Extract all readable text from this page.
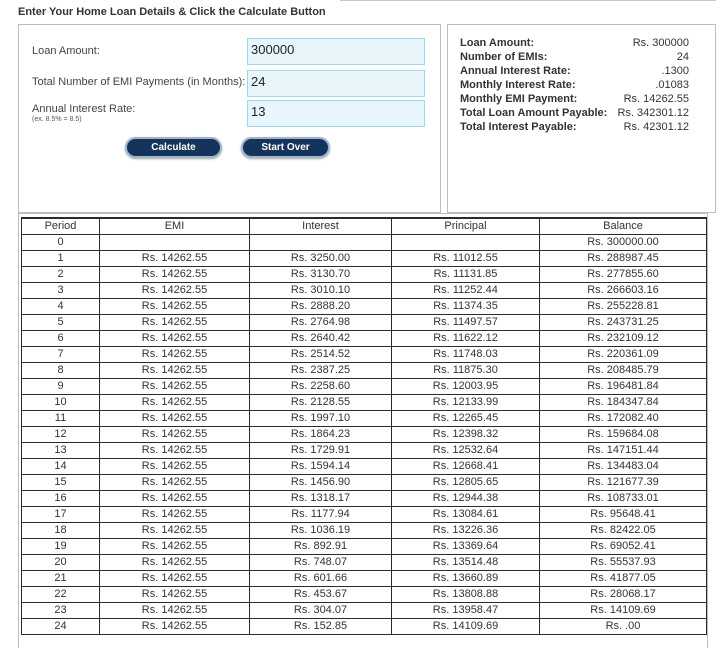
Enter Your Home Loan Details & Click the Calculate Button
Loan Amount:	300000
Total Number of EMI Payments (in Months): 24
Annual Interest Rate:
(ex. 8.5% = 8.5)
13
Calculate	Start Over
Loan Amount:	Rs. 300000
Number of EMIs:	24
Annual Interest Rate:	.1300
Monthly Interest Rate:	.01083
Monthly EMI Payment:	Rs. 14262.55
Total Loan Amount Payable: Rs. 342301.12
Total Interest Payable:	Rs. 42301.12
Period	EMI	Interest	Principal	Balance
0				Rs. 300000.00
1	Rs. 14262.55	Rs. 3250.00	Rs. 11012.55	Rs. 288987.45
2	Rs. 14262.55	Rs. 3130.70	Rs. 11131.85	Rs. 277855.60
3	Rs. 14262.55	Rs. 3010.10	Rs. 11252.44	Rs. 266603.16
4	Rs. 14262.55	Rs. 2888.20	Rs. 11374.35	Rs. 255228.81
5	Rs. 14262.55	Rs. 2764.98	Rs. 11497.57	Rs. 243731.25
6	Rs. 14262.55	Rs. 2640.42	Rs. 11622.12	Rs. 232109.12
7	Rs. 14262.55	Rs. 2514.52	Rs. 11748.03	Rs. 220361.09
8	Rs. 14262.55	Rs. 2387.25	Rs. 11875.30	Rs. 208485.79
9	Rs. 14262.55	Rs. 2258.60	Rs. 12003.95	Rs. 196481.84
10	Rs. 14262.55	Rs. 2128.55	Rs. 12133.99	Rs. 184347.84
11	Rs. 14262.55	Rs. 1997.10	Rs. 12265.45	Rs. 172082.40
12	Rs. 14262.55	Rs. 1864.23	Rs. 12398.32	Rs. 159684.08
13	Rs. 14262.55	Rs. 1729.91	Rs. 12532.64	Rs. 147151.44
14	Rs. 14262.55	Rs. 1594.14	Rs. 12668.41	Rs. 134483.04
15	Rs. 14262.55	Rs. 1456.90	Rs. 12805.65	Rs. 121677.39
16	Rs. 14262.55	Rs. 1318.17	Rs. 12944.38	Rs. 108733.01
17	Rs. 14262.55	Rs. 1177.94	Rs. 13084.61	Rs. 95648.41
18	Rs. 14262.55	Rs. 1036.19	Rs. 13226.36	Rs. 82422.05
19	Rs. 14262.55	Rs. 892.91	Rs. 13369.64	Rs. 69052.41
20	Rs. 14262.55	Rs. 748.07	Rs. 13514.48	Rs. 55537.93
21	Rs. 14262.55	Rs. 601.66	Rs. 13660.89	Rs. 41877.05
22	Rs. 14262.55	Rs. 453.67	Rs. 13808.88	Rs. 28068.17
23	Rs. 14262.55	Rs. 304.07	Rs. 13958.47	Rs. 14109.69
24	Rs. 14262.55	Rs. 152.85	Rs. 14109.69	Rs. .00
